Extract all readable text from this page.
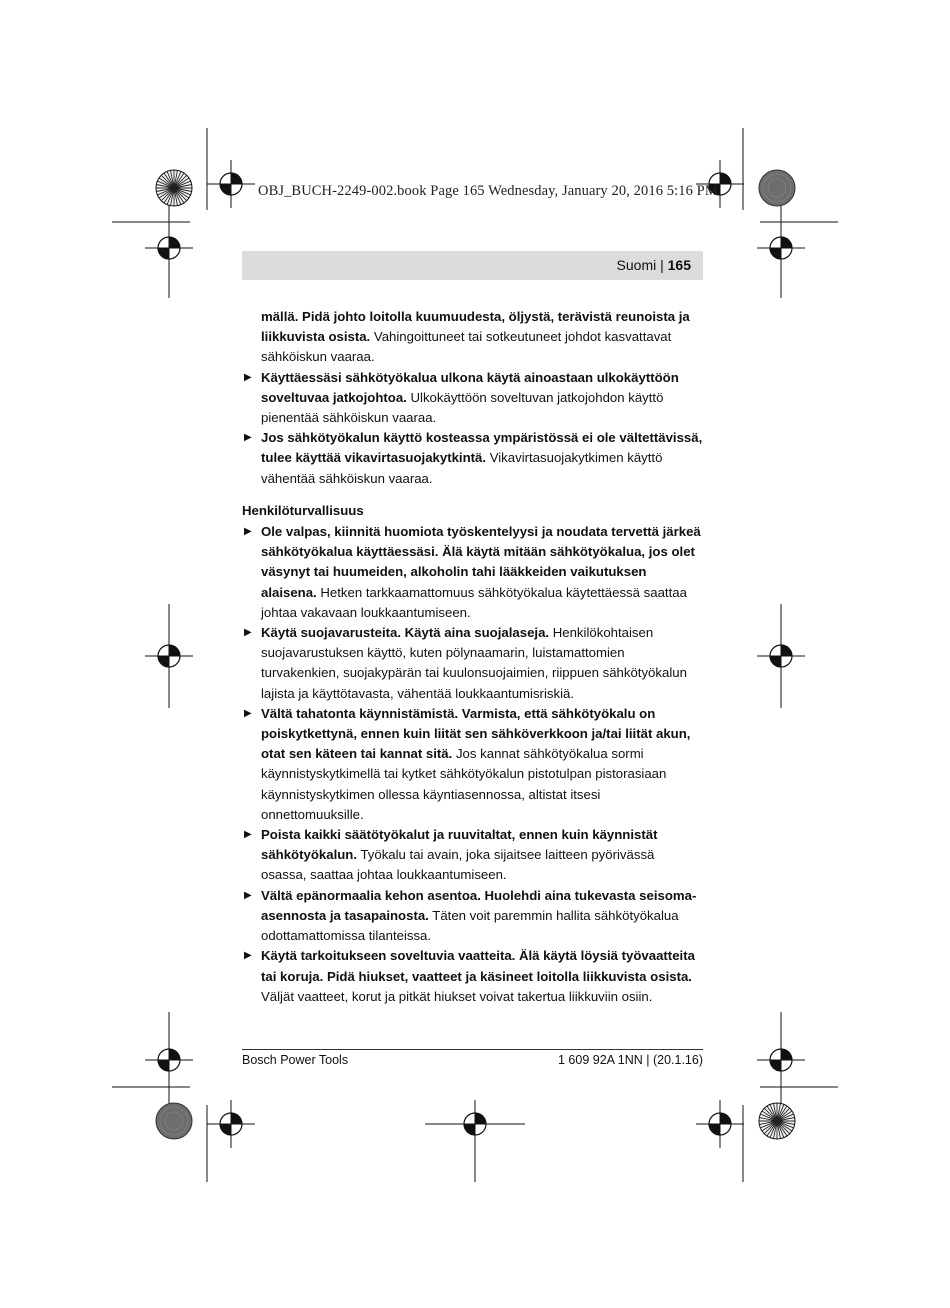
OBJ_BUCH-2249-002.book Page 165 Wednesday, January 20, 2016 5:16 PM
Suomi | 165

mällä. Pidä johto loitolla kuumuudesta, öljystä, terävistä reunoista ja liikkuvista osista. Vahingoittuneet tai sotkeutuneet johdot kasvattavat sähköiskun vaaraa.

▶ Käyttäessäsi sähkötyökalua ulkona käytä ainoastaan ulkokäyttöön soveltuvaa jatkojohtoa. Ulkokäyttöön soveltuvan jatkojohdon käyttö pienentää sähköiskun vaaraa.

▶ Jos sähkötyökalun käyttö kosteassa ympäristössä ei ole vältettävissä, tulee käyttää vikavirtasuojakytkintä. Vikavirtasuojakytkimen käyttö vähentää sähköiskun vaaraa.

Henkilöturvallisuus

▶ Ole valpas, kiinnitä huomiota työskentelyysi ja noudata tervettä järkeä sähkötyökalua käyttäessäsi. Älä käytä mitään sähkötyökalua, jos olet väsynyt tai huumeiden, alkoholin tahi lääkkeiden vaikutuksen alaisena. Hetken tarkkaamattomuus sähkötyökalua käytettäessä saattaa johtaa vakavaan loukkaantumiseen.

▶ Käytä suojavarusteita. Käytä aina suojalaseja. Henkilökohtaisen suojavarustuksen käyttö, kuten pölynaamarin, luistamattomien turvakenkien, suojakypärän tai kuulonsuojaimien, riippuen sähkötyökalun lajista ja käyttötavasta, vähentää loukkaantumisriskiä.

▶ Vältä tahatonta käynnistämistä. Varmista, että sähkötyökalu on poiskytkettynä, ennen kuin liität sen sähköverkkoon ja/tai liität akun, otat sen käteen tai kannat sitä. Jos kannat sähkötyökalua sormi käynnistyskytkimellä tai kytket sähkötyökalun pistotulpan pistorasiaan käynnistyskytkimen ollessa käyntiasennossa, altistat itsesi onnettomuuksille.

▶ Poista kaikki säätötyökalut ja ruuvitaltat, ennen kuin käynnistät sähkötyökalun. Työkalu tai avain, joka sijaitsee laitteen pyörivässä osassa, saattaa johtaa loukkaantumiseen.

▶ Vältä epänormaalia kehon asentoa. Huolehdi aina tukevasta seisoma-asennosta ja tasapainosta. Täten voit paremmin hallita sähkötyökalua odottamattomissa tilanteissa.

▶ Käytä tarkoitukseen soveltuvia vaatteita. Älä käytä löysiä työvaatteita tai koruja. Pidä hiukset, vaatteet ja käsineet loitolla liikkuvista osista. Väljät vaatteet, korut ja pitkät hiukset voivat takertua liikkuviin osiin.

Bosch Power Tools	1 609 92A 1NN | (20.1.16)
